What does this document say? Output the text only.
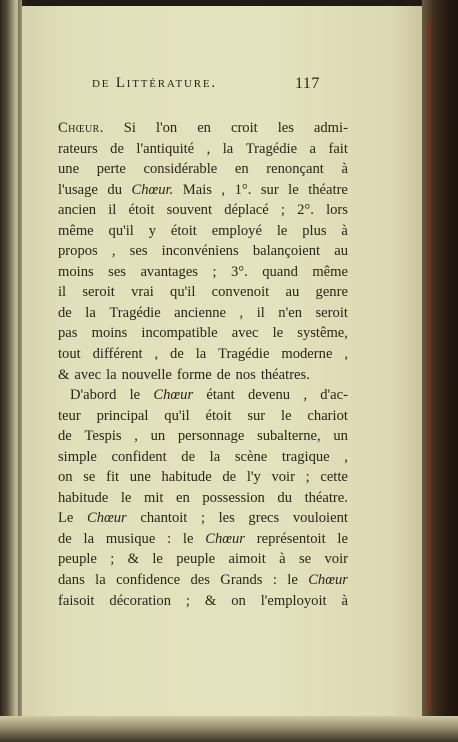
de Littérature.	117
Chœur. Si l'on en croit les admi-
rateurs de l'antiquité , la Tragédie a fait
une perte considérable en renonçant à
l'usage du Chœur. Mais , 1°. sur le théatre
ancien il étoit souvent déplacé ; 2°. lors
même qu'il y étoit employé le plus à
propos , ses inconvéniens balançoient au
moins ses avantages ; 3°. quand même
il seroit vrai qu'il convenoit au genre
de la Tragédie ancienne , il n'en seroit
pas moins incompatible avec le systême,
tout différent , de la Tragédie moderne ,
& avec la nouvelle forme de nos théatres.
D'abord le Chœur étant devenu , d'ac-
teur principal qu'il étoit sur le chariot
de Tespis , un personnage subalterne, un
simple confident de la scène tragique ,
on se fit une habitude de l'y voir ; cette
habitude le mit en possession du théatre.
Le Chœur chantoit ; les grecs vouloient
de la musique : le Chœur représentoit le
peuple ; & le peuple aimoit à se voir
dans la confidence des Grands : le Chœur
faisoit décoration ; & on l'employoit à
